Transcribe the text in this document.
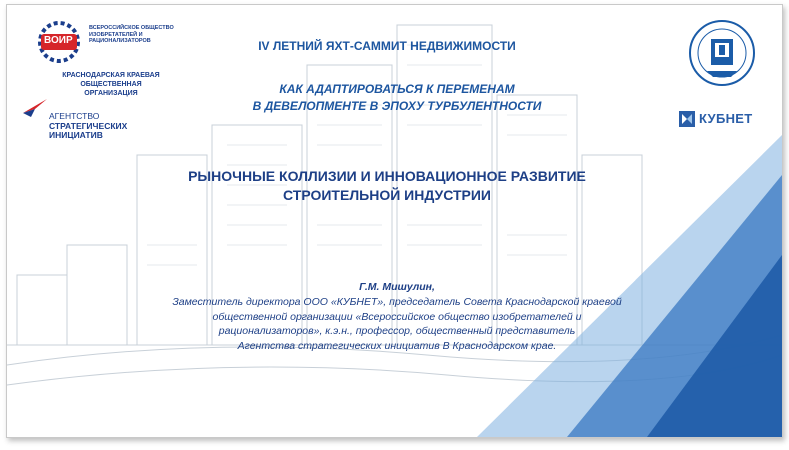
ВОИР
ВСЕРОССИЙСКОЕ ОБЩЕСТВО ИЗОБРЕТАТЕЛЕЙ И РАЦИОНАЛИЗАТОРОВ
КРАСНОДАРСКАЯ КРАЕВАЯ ОБЩЕСТВЕННАЯ
ОРГАНИЗАЦИЯ
АГЕНТСТВО
СТРАТЕГИЧЕСКИХ
ИНИЦИАТИВ
КУБНЕТ
IV ЛЕТНИЙ ЯХТ-САММИТ НЕДВИЖИМОСТИ
КАК АДАПТИРОВАТЬСЯ К ПЕРЕМЕНАМ
В ДЕВЕЛОПМЕНТЕ В ЭПОХУ ТУРБУЛЕНТНОСТИ
РЫНОЧНЫЕ КОЛЛИЗИИ И ИННОВАЦИОННОЕ РАЗВИТИЕ
СТРОИТЕЛЬНОЙ ИНДУСТРИИ
Г.М. Мишулин,
Заместитель директора ООО «КУБНЕТ», председатель Совета Краснодарской краевой
общественной организации «Всероссийское общество изобретателей и
рационализаторов», к.э.н., профессор, общественный представитель
Агентства стратегических инициатив В Краснодарском крае.
